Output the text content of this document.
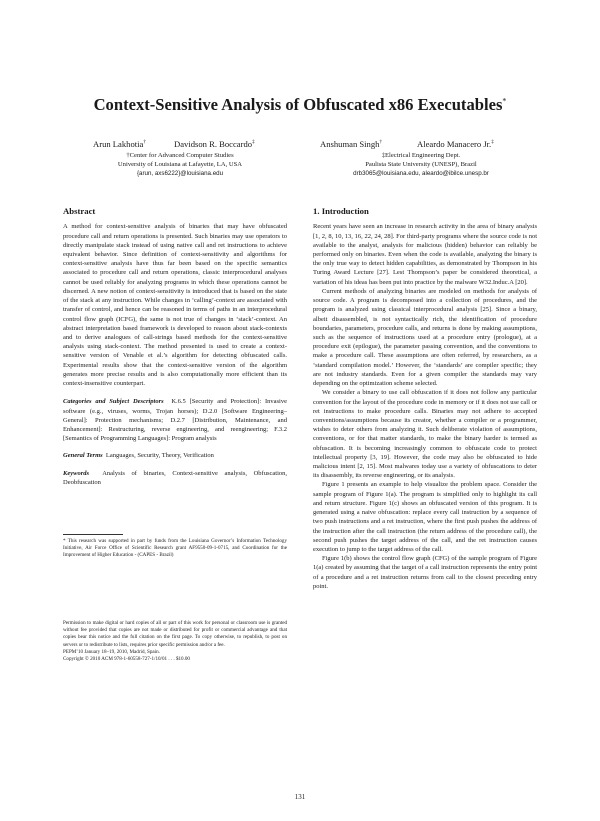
Context-Sensitive Analysis of Obfuscated x86 Executables*
Arun Lakhotia†	Davidson R. Boccardo‡	Anshuman Singh†	Aleardo Manacero Jr.‡
†Center for Advanced Computer Studies
University of Louisiana at Lafayette, LA, USA
{arun, axs6222}@louisiana.edu
‡Electrical Engineering Dept.
Paulista State University (UNESP), Brazil
drb3065@louisiana.edu, aleardo@ibilce.unesp.br
Abstract

A method for context-sensitive analysis of binaries that may have obfuscated procedure call and return operations is presented. Such binaries may use operators to directly manipulate stack instead of using native call and ret instructions to achieve equivalent behavior. Since definition of context-sensitivity and algorithms for context-sensitive analysis have thus far been based on the specific semantics associated to procedure call and return operations, classic interprocedural analyses cannot be used reliably for analyzing programs in which these operations cannot be discerned. A new notion of context-sensitivity is introduced that is based on the state of the stack at any instruction. While changes in ‘calling’-context are associated with transfer of control, and hence can be reasoned in terms of paths in an interprocedural control flow graph (ICFG), the same is not true of changes in ‘stack’-context. An abstract interpretation based framework is developed to reason about stack-contexts and to derive analogues of call-strings based methods for the context-sensitive analysis using stack-context. The method presented is used to create a context-sensitive version of Venable et al.’s algorithm for detecting obfuscated calls. Experimental results show that the context-sensitive version of the algorithm generates more precise results and is also computationally more efficient than its context-insensitive counterpart.

Categories and Subject Descriptors K.6.5 [Security and Protection]: Invasive software (e.g., viruses, worms, Trojan horses); D.2.0 [Software Engineering–General]: Protection mechanisms; D.2.7 [Distribution, Maintenance, and Enhancement]: Restructuring, reverse engineering, and reengineering; F.3.2 [Semantics of Programming Languages]: Program analysis

General Terms Languages, Security, Theory, Verification

Keywords Analysis of binaries, Context-sensitive analysis, Obfuscation, Deobfuscation

* This research was supported in part by funds from the Louisiana Governor’s Information Technology Initiative, Air Force Office of Scientific Research grant AF9550-09-1-0715, and Coordination for the Improvement of Higher Education - (CAPES - Brazil)
Permission to make digital or hard copies of all or part of this work for personal or classroom use is granted without fee provided that copies are not made or distributed for profit or commercial advantage and that copies bear this notice and the full citation on the first page. To copy otherwise, to republish, to post on servers or to redistribute to lists, requires prior specific permission and/or a fee.
PEPM’10 January 18–19, 2010, Madrid, Spain.
Copyright © 2010 ACM 978-1-60558-727-1/10/01 . . . $10.00
1. Introduction

Recent years have seen an increase in research activity in the area of binary analysis [1, 2, 8, 10, 13, 16, 22, 24, 28]. For third-party programs where the source code is not available to the analyst, analysis for malicious (hidden) behavior can reliably be performed only on binaries. Even when the code is available, analyzing the binary is the only true way to detect hidden capabilities, as demonstrated by Thompson in his Turing Award Lecture [27]. Lest Thompson’s paper be considered theoretical, a variation of his ideas has been put into practice by the malware W32.Induc.A [20].

Current methods of analyzing binaries are modeled on methods for analysis of source code. A program is decomposed into a collection of procedures, and the program is analyzed using classical interprocedural analysis [25]. Since a binary, albeit disassembled, is not syntactically rich, the identification of procedure boundaries, parameters, procedure calls, and returns is done by making assumptions, such as the sequence of instructions used at a procedure entry (prologue), at a procedure exit (epilogue), the parameter passing convention, and the conventions to make a procedure call. These assumptions are often referred, by researchers, as a ‘standard compilation model.’ However, the ‘standards’ are compiler specific; they are not industry standards. Even for a given compiler the standards may vary depending on the optimization scheme selected.

We consider a binary to use call obfuscation if it does not follow any particular convention for the layout of the procedure code in memory or if it does not use call or ret instructions to make procedure calls. Binaries may not adhere to accepted conventions/assumptions because its creator, whether a compiler or a programmer, wishes to deter others from analyzing it. Such deliberate violation of assumptions, conventions, or for that matter standards, to make the binary harder is termed as obfuscation. It is becoming increasingly common to obfuscate code to protect intellectual property [3, 19]. However, the code may also be obfuscated to hide malicious intent [2, 15]. Most malwares today use a variety of obfuscations to deter its disassembly, its reverse engineering, or its analysis.

Figure 1 presents an example to help visualize the problem space. Consider the sample program of Figure 1(a). The program is simplified only to highlight its call and return structure. Figure 1(c) shows an obfuscated version of this program. It is generated using a naive obfuscation: replace every call instruction by a sequence of two push instructions and a ret instruction, where the first push pushes the address of the instruction after the call instruction (the return address of the procedure call), the second push pushes the target address of the call, and the ret instruction causes execution to jump to the target address of the call.

Figure 1(b) shows the control flow graph (CFG) of the sample program of Figure 1(a) created by assuming that the target of a call instruction represents the entry point of a procedure and a ret instruction returns from call to the closest preceding entry point.

131
